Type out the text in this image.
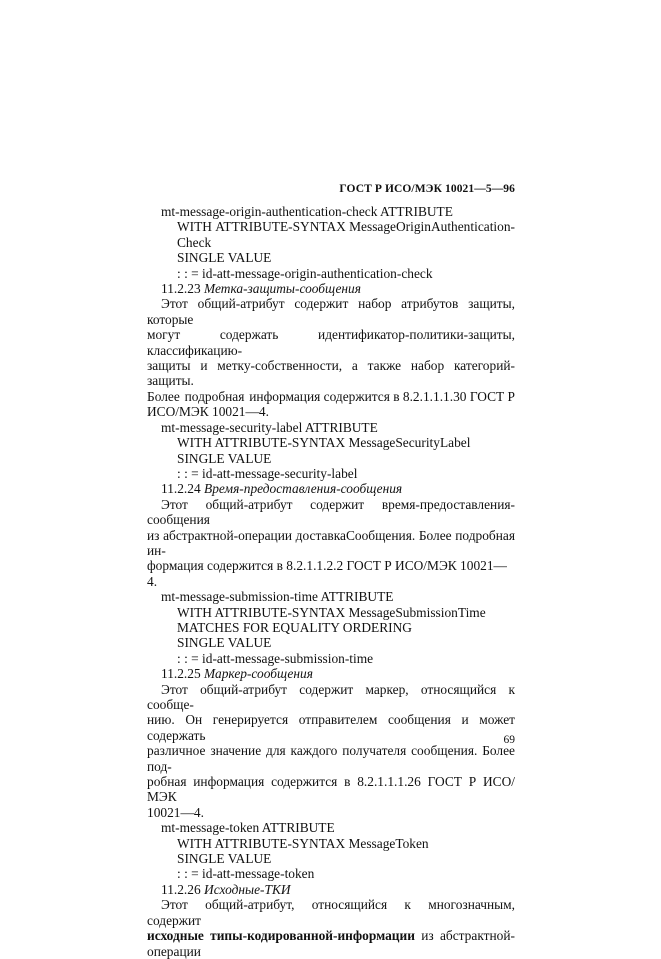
ГОСТ Р ИСО/МЭК 10021—5—96

mt-message-origin-authentication-check ATTRIBUTE

WITH ATTRIBUTE-SYNTAX MessageOriginAuthentication-

Check

SINGLE VALUE

: : = id-att-message-origin-authentication-check

11.2.23 Метка-защиты-сообщения

Этот общий-атрибут содержит набор атрибутов защиты, которые

могут содержать идентификатор-политики-защиты, классификацию-

защиты и метку-собственности, а также набор категорий-защиты.

Более подробная информация содержится в 8.2.1.1.1.30 ГОСТ Р

ИСО/МЭК 10021—4.

mt-message-security-label ATTRIBUTE

WITH ATTRIBUTE-SYNTAX MessageSecurityLabel

SINGLE VALUE

: : = id-att-message-security-label

11.2.24 Время-предоставления-сообщения

Этот общий-атрибут содержит время-предоставления-сообщения

из абстрактной-операции доставкаСообщения. Более подробная ин-

формация содержится в 8.2.1.1.2.2 ГОСТ Р ИСО/МЭК 10021—4.

mt-message-submission-time ATTRIBUTE

WITH ATTRIBUTE-SYNTAX MessageSubmissionTime

MATCHES FOR EQUALITY ORDERING

SINGLE VALUE

: : = id-att-message-submission-time

11.2.25 Маркер-сообщения

Этот общий-атрибут содержит маркер, относящийся к сообще-

нию. Он генерируется отправителем сообщения и может содержать

различное значение для каждого получателя сообщения. Более под-

робная информация содержится в 8.2.1.1.1.26 ГОСТ Р ИСО/МЭК

10021—4.

mt-message-token ATTRIBUTE

WITH ATTRIBUTE-SYNTAX MessageToken

SINGLE VALUE

: : = id-att-message-token

11.2.26 Исходные-ТКИ

Этот общий-атрибут, относящийся к многозначным, содержит

исходные типы-кодированной-информации из абстрактной-операции

69
